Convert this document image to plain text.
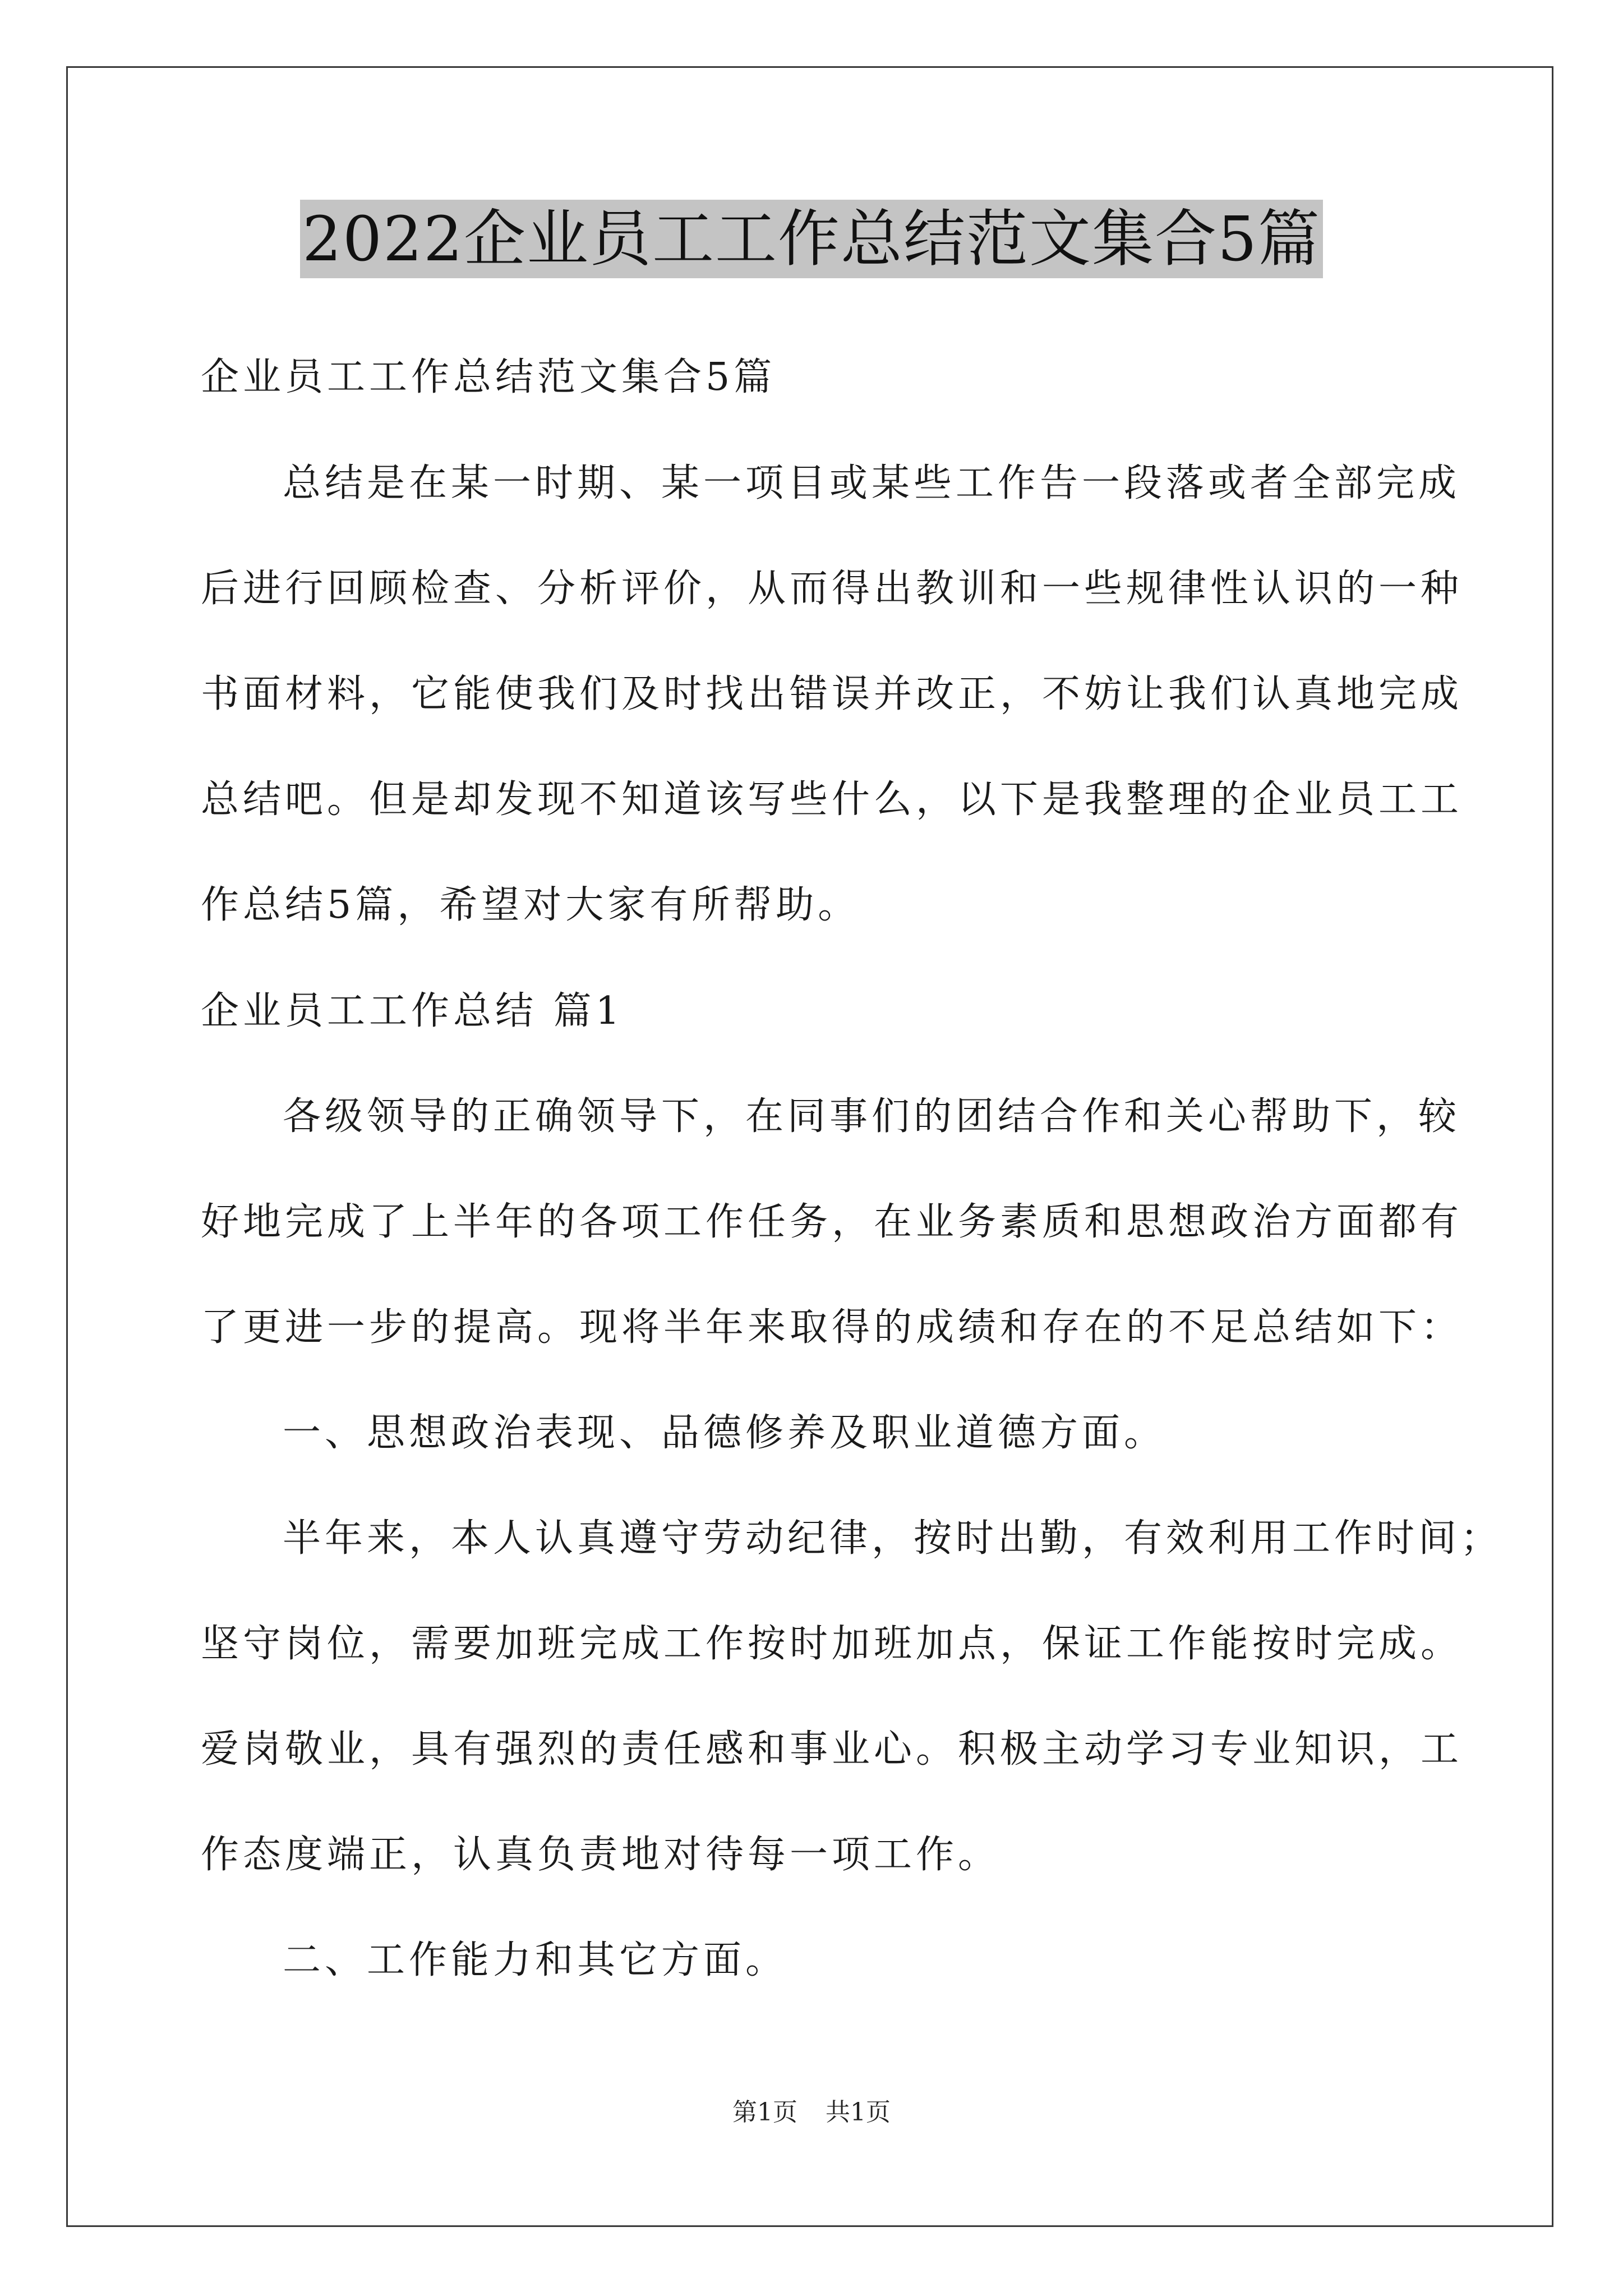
2022企业员工工作总结范文集合5篇
企业员工工作总结范文集合5篇
总结是在某一时期、某一项目或某些工作告一段落或者全部完成
后进行回顾检查、分析评价，从而得出教训和一些规律性认识的一种
书面材料，它能使我们及时找出错误并改正，不妨让我们认真地完成
总结吧。但是却发现不知道该写些什么，以下是我整理的企业员工工
作总结5篇，希望对大家有所帮助。
企业员工工作总结 篇1
各级领导的正确领导下，在同事们的团结合作和关心帮助下，较
好地完成了上半年的各项工作任务，在业务素质和思想政治方面都有
了更进一步的提高。现将半年来取得的成绩和存在的不足总结如下：
一、思想政治表现、品德修养及职业道德方面。
半年来，本人认真遵守劳动纪律，按时出勤，有效利用工作时间；
坚守岗位，需要加班完成工作按时加班加点，保证工作能按时完成。
爱岗敬业，具有强烈的责任感和事业心。积极主动学习专业知识，工
作态度端正，认真负责地对待每一项工作。
二、工作能力和其它方面。
第1页 共1页
